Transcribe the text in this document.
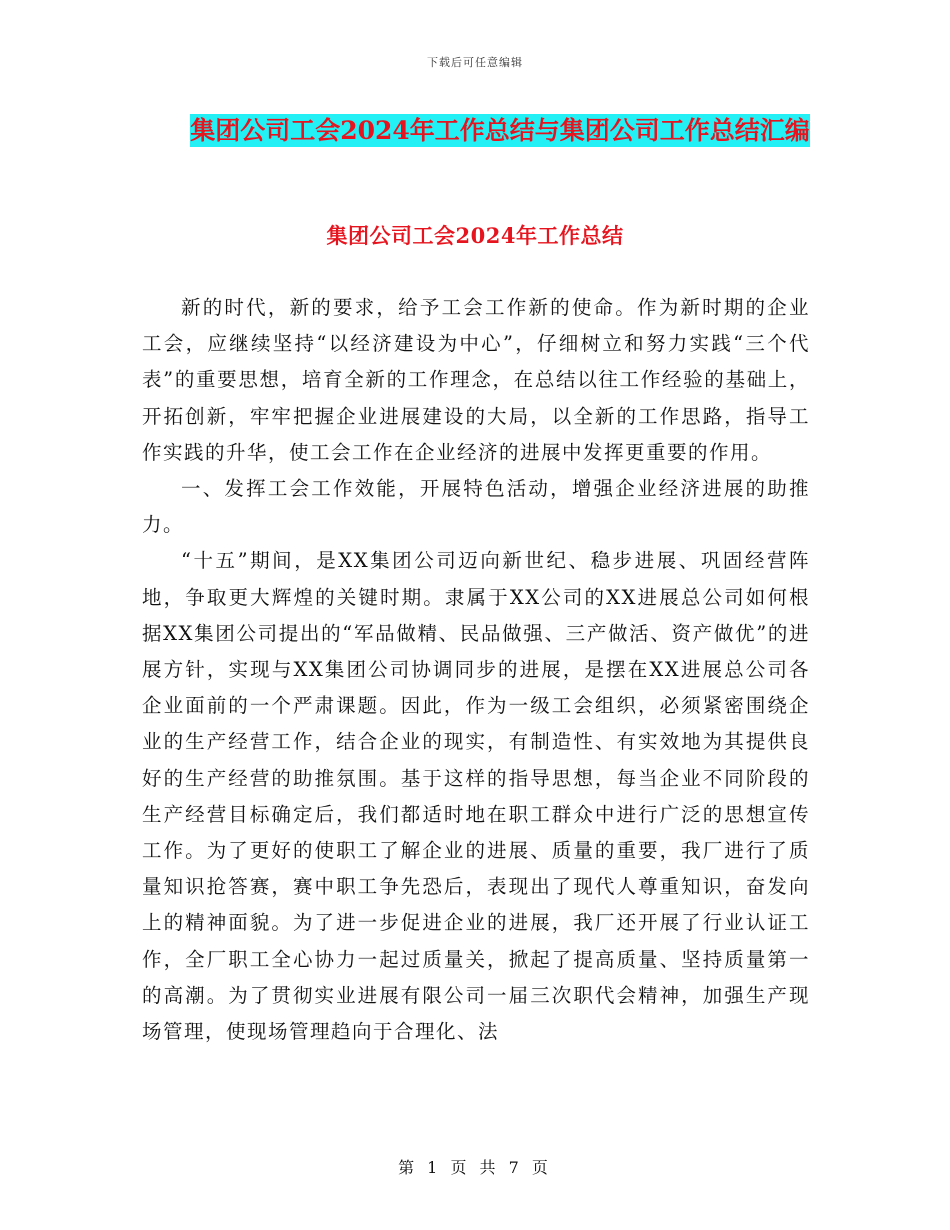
下载后可任意编辑
集团公司工会2024年工作总结与集团公司工作总结汇编
集团公司工会2024年工作总结

新的时代，新的要求，给予工会工作新的使命。作为新时期的企业工会，应继续坚持“以经济建设为中心”，仔细树立和努力实践“三个代表”的重要思想，培育全新的工作理念，在总结以往工作经验的基础上，开拓创新，牢牢把握企业进展建设的大局，以全新的工作思路，指导工作实践的升华，使工会工作在企业经济的进展中发挥更重要的作用。

一、发挥工会工作效能，开展特色活动，增强企业经济进展的助推力。

“十五”期间，是XX集团公司迈向新世纪、稳步进展、巩固经营阵地，争取更大辉煌的关键时期。隶属于XX公司的XX进展总公司如何根据XX集团公司提出的“军品做精、民品做强、三产做活、资产做优”的进展方针，实现与XX集团公司协调同步的进展，是摆在XX进展总公司各企业面前的一个严肃课题。因此，作为一级工会组织，必须紧密围绕企业的生产经营工作，结合企业的现实，有制造性、有实效地为其提供良好的生产经营的助推氛围。基于这样的指导思想，每当企业不同阶段的生产经营目标确定后，我们都适时地在职工群众中进行广泛的思想宣传工作。为了更好的使职工了解企业的进展、质量的重要，我厂进行了质量知识抢答赛，赛中职工争先恐后，表现出了现代人尊重知识，奋发向上的精神面貌。为了进一步促进企业的进展，我厂还开展了行业认证工作，全厂职工全心协力一起过质量关，掀起了提高质量、坚持质量第一的高潮。为了贯彻实业进展有限公司一届三次职代会精神，加强生产现场管理，使现场管理趋向于合理化、法

第 1 页 共 7 页
